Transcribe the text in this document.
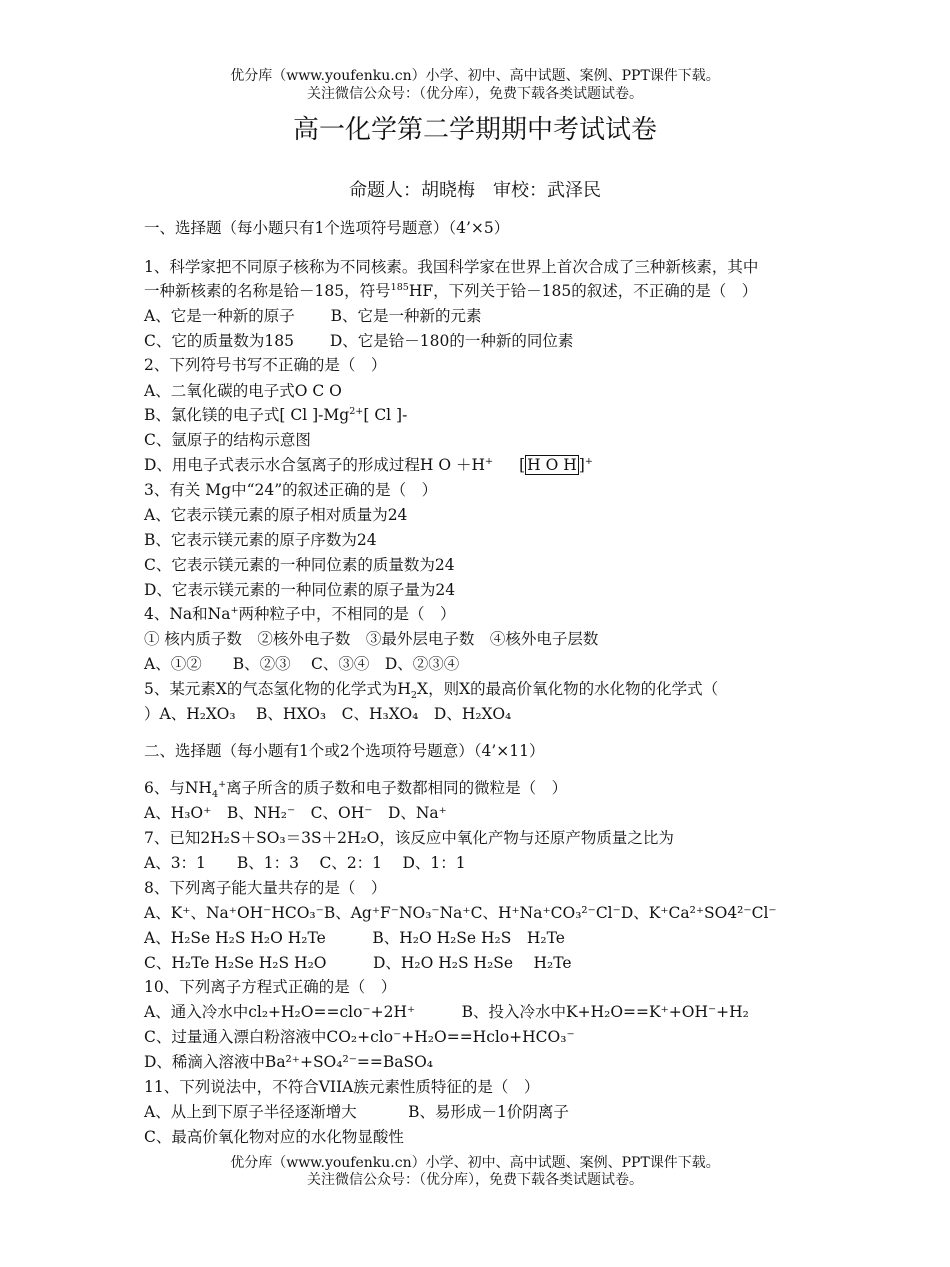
优分库（www.youfenku.cn）小学、初中、高中试题、案例、PPT课件下载。
关注微信公众号：（优分库），免费下载各类试题试卷。
高一化学第二学期期中考试试卷
命题人：胡晓梅　审校：武泽民
一、选择题（每小题只有1个选项符号题意）（4’×5）
1、科学家把不同原子核称为不同核素。我国科学家在世界上首次合成了三种新核素，其中
一种新核素的名称是铪－185，符号$^{185}$HF，下列关于铪－185的叙述，不正确的是（　）
A、它是一种新的原子　　 B、它是一种新的元素
C、它的质量数为185　　 D、它是铪－180的一种新的同位素
2、下列符号书写不正确的是（　）
A、二氧化碳的电子式O C O
B、氯化镁的电子式[ Cl ]$-Mg^{2+}$[ Cl ]-
C、氩原子的结构示意图
D、用电子式表示水合氢离子的形成过程H O ＋H+ [ H O H ]+
3、有关 Mg中“24”的叙述正确的是（　）
A、它表示镁元素的原子相对质量为24
B、它表示镁元素的原子序数为24
C、它表示镁元素的一种同位素的质量数为24
D、它表示镁元素的一种同位素的原子量为24
4、Na和Na+两种粒子中，不相同的是（　）
① 核内质子数　②核外电子数　③最外层电子数　④核外电子层数
A、①②　　B、②③　 C、③④　D、②③④
5、某元素X的气态氢化物的化学式为$H_2X$，则X的最高价氧化物的水化物的化学式（
）A、H₂XO₃　 B、HXO₃　C、H₃XO₄　D、H₂XO₄
二、选择题（每小题有1个或2个选项符号题意）（4’×11）
6、与$NH_4^+$离子所含的质子数和电子数都相同的微粒是（　）
A、H₃O⁺　B、NH₂⁻　C、OH⁻　D、Na⁺
7、已知2H₂S＋SO₃＝3S＋2H₂O，该反应中氧化产物与还原产物质量之比为
A、3：1　　B、1：3　 C、2：1　 D、1：1
8、下列离子能大量共存的是（　）
A、K⁺、Na⁺OH⁻HCO₃⁻B、Ag⁺F⁻NO₃⁻Na⁺C、H⁺Na⁺CO₃²⁻Cl⁻D、K⁺Ca²⁺SO4²⁻Cl⁻
A、H₂Se H₂S H₂O H₂Te　　　B、H₂O H₂Se H₂S　H₂Te
C、H₂Te H₂Se H₂S H₂O　　　D、H₂O H₂S H₂Se　 H₂Te
10、下列离子方程式正确的是（　）
A、通入冷水中cl₂+H₂O==clo⁻+2H⁺　　　B、投入冷水中K+H₂O==K⁺+OH⁻+H₂
C、过量通入漂白粉溶液中CO₂+clo⁻+H₂O==Hclo+HCO₃⁻
D、稀滴入溶液中Ba²⁺+SO₄²⁻==BaSO₄
11、下列说法中，不符合VIIA族元素性质特征的是（　）
A、从上到下原子半径逐渐增大　　　 B、易形成－1价阴离子
C、最高价氧化物对应的水化物显酸性
优分库（www.youfenku.cn）小学、初中、高中试题、案例、PPT课件下载。
关注微信公众号：（优分库），免费下载各类试题试卷。
